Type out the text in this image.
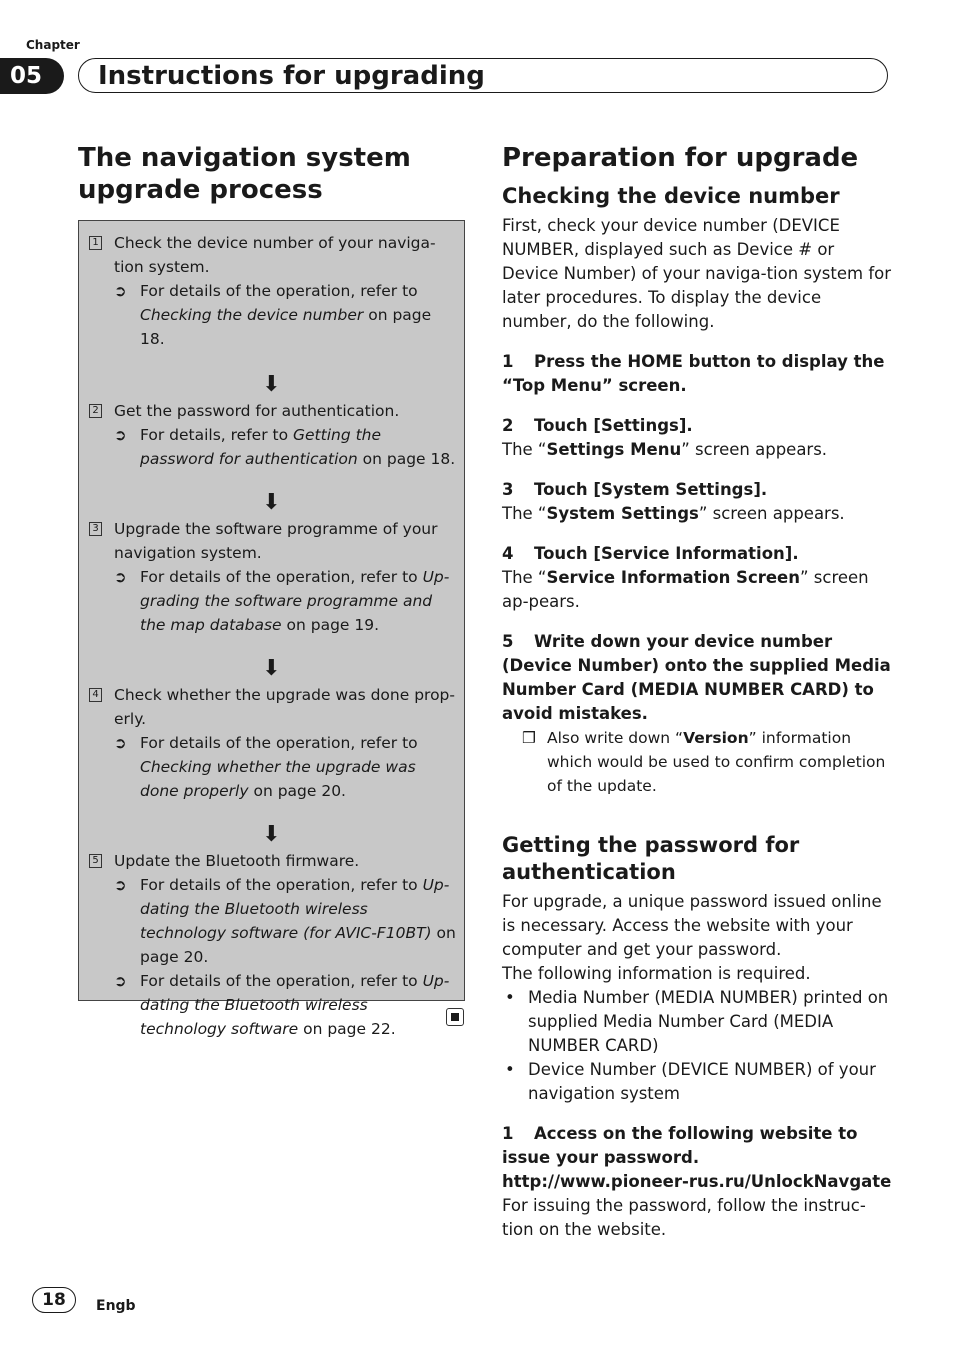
Chapter
05	Instructions for upgrading
The navigation system
upgrade process
1 Check the device number of your naviga-tion system.
➲ For details of the operation, refer to Checking the device number on page 18.
⬇
2 Get the password for authentication.
➲ For details, refer to Getting the password for authentication on page 18.
⬇
3 Upgrade the software programme of your navigation system.
➲ For details of the operation, refer to Up-grading the software programme and the map database on page 19.
⬇
4 Check whether the upgrade was done prop-erly.
➲ For details of the operation, refer to Checking whether the upgrade was done properly on page 20.
⬇
5 Update the Bluetooth firmware.
➲ For details of the operation, refer to Up-dating the Bluetooth wireless technology software (for AVIC-F10BT) on page 20.
➲ For details of the operation, refer to Up-dating the Bluetooth wireless technology software on page 22.
Preparation for upgrade
Checking the device number

First, check your device number (DEVICE NUMBER, displayed such as Device # or Device Number) of your naviga-tion system for later procedures. To display the device number, do the following.

1 Press the HOME button to display the “Top Menu” screen.
2 Touch [Settings].

The “Settings Menu” screen appears.

3 Touch [System Settings].

The “System Settings” screen appears.

4 Touch [Service Information].

The “Service Information Screen” screen ap-pears.

5 Write down your device number (Device Number) onto the supplied Media Number Card (MEDIA NUMBER CARD) to avoid mistakes.
❒ Also write down “Version” information which would be used to confirm completion of the update.
Getting the password for
authentication

For upgrade, a unique password issued online is necessary. Access the website with your computer and get your password.

The following information is required.

• Media Number (MEDIA NUMBER) printed on supplied Media Number Card (MEDIA NUMBER CARD)
• Device Number (DEVICE NUMBER) of your navigation system
1 Access on the following website to issue your password.
http://www.pioneer-rus.ru/UnlockNavgate

For issuing the password, follow the instruc-tion on the website.

18	Engb
